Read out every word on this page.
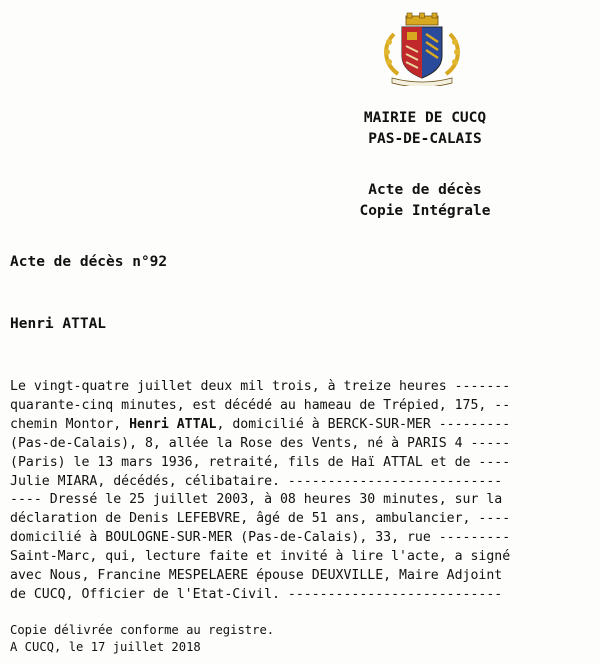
MAIRIE DE CUCQ
PAS-DE-CALAIS
Acte de décès
Copie Intégrale
Acte de décès n°92
Henri ATTAL
Le vingt-quatre juillet deux mil trois, à treize heures -------
quarante-cinq minutes, est décédé au hameau de Trépied, 175, --
chemin Montor, Henri ATTAL, domicilié à BERCK-SUR-MER ---------
(Pas-de-Calais), 8, allée la Rose des Vents, né à PARIS 4 -----
(Paris) le 13 mars 1936, retraité, fils de Haï ATTAL et de ----
Julie MIARA, décédés, célibataire. ---------------------------
---- Dressé le 25 juillet 2003, à 08 heures 30 minutes, sur la
déclaration de Denis LEFEBVRE, âgé de 51 ans, ambulancier, ----
domicilié à BOULOGNE-SUR-MER (Pas-de-Calais), 33, rue ---------
Saint-Marc, qui, lecture faite et invité à lire l'acte, a signé
avec Nous, Francine MESPELAERE épouse DEUXVILLE, Maire Adjoint
de CUCQ, Officier de l'Etat-Civil. ---------------------------
Copie délivrée conforme au registre.
A CUCQ, le 17 juillet 2018
